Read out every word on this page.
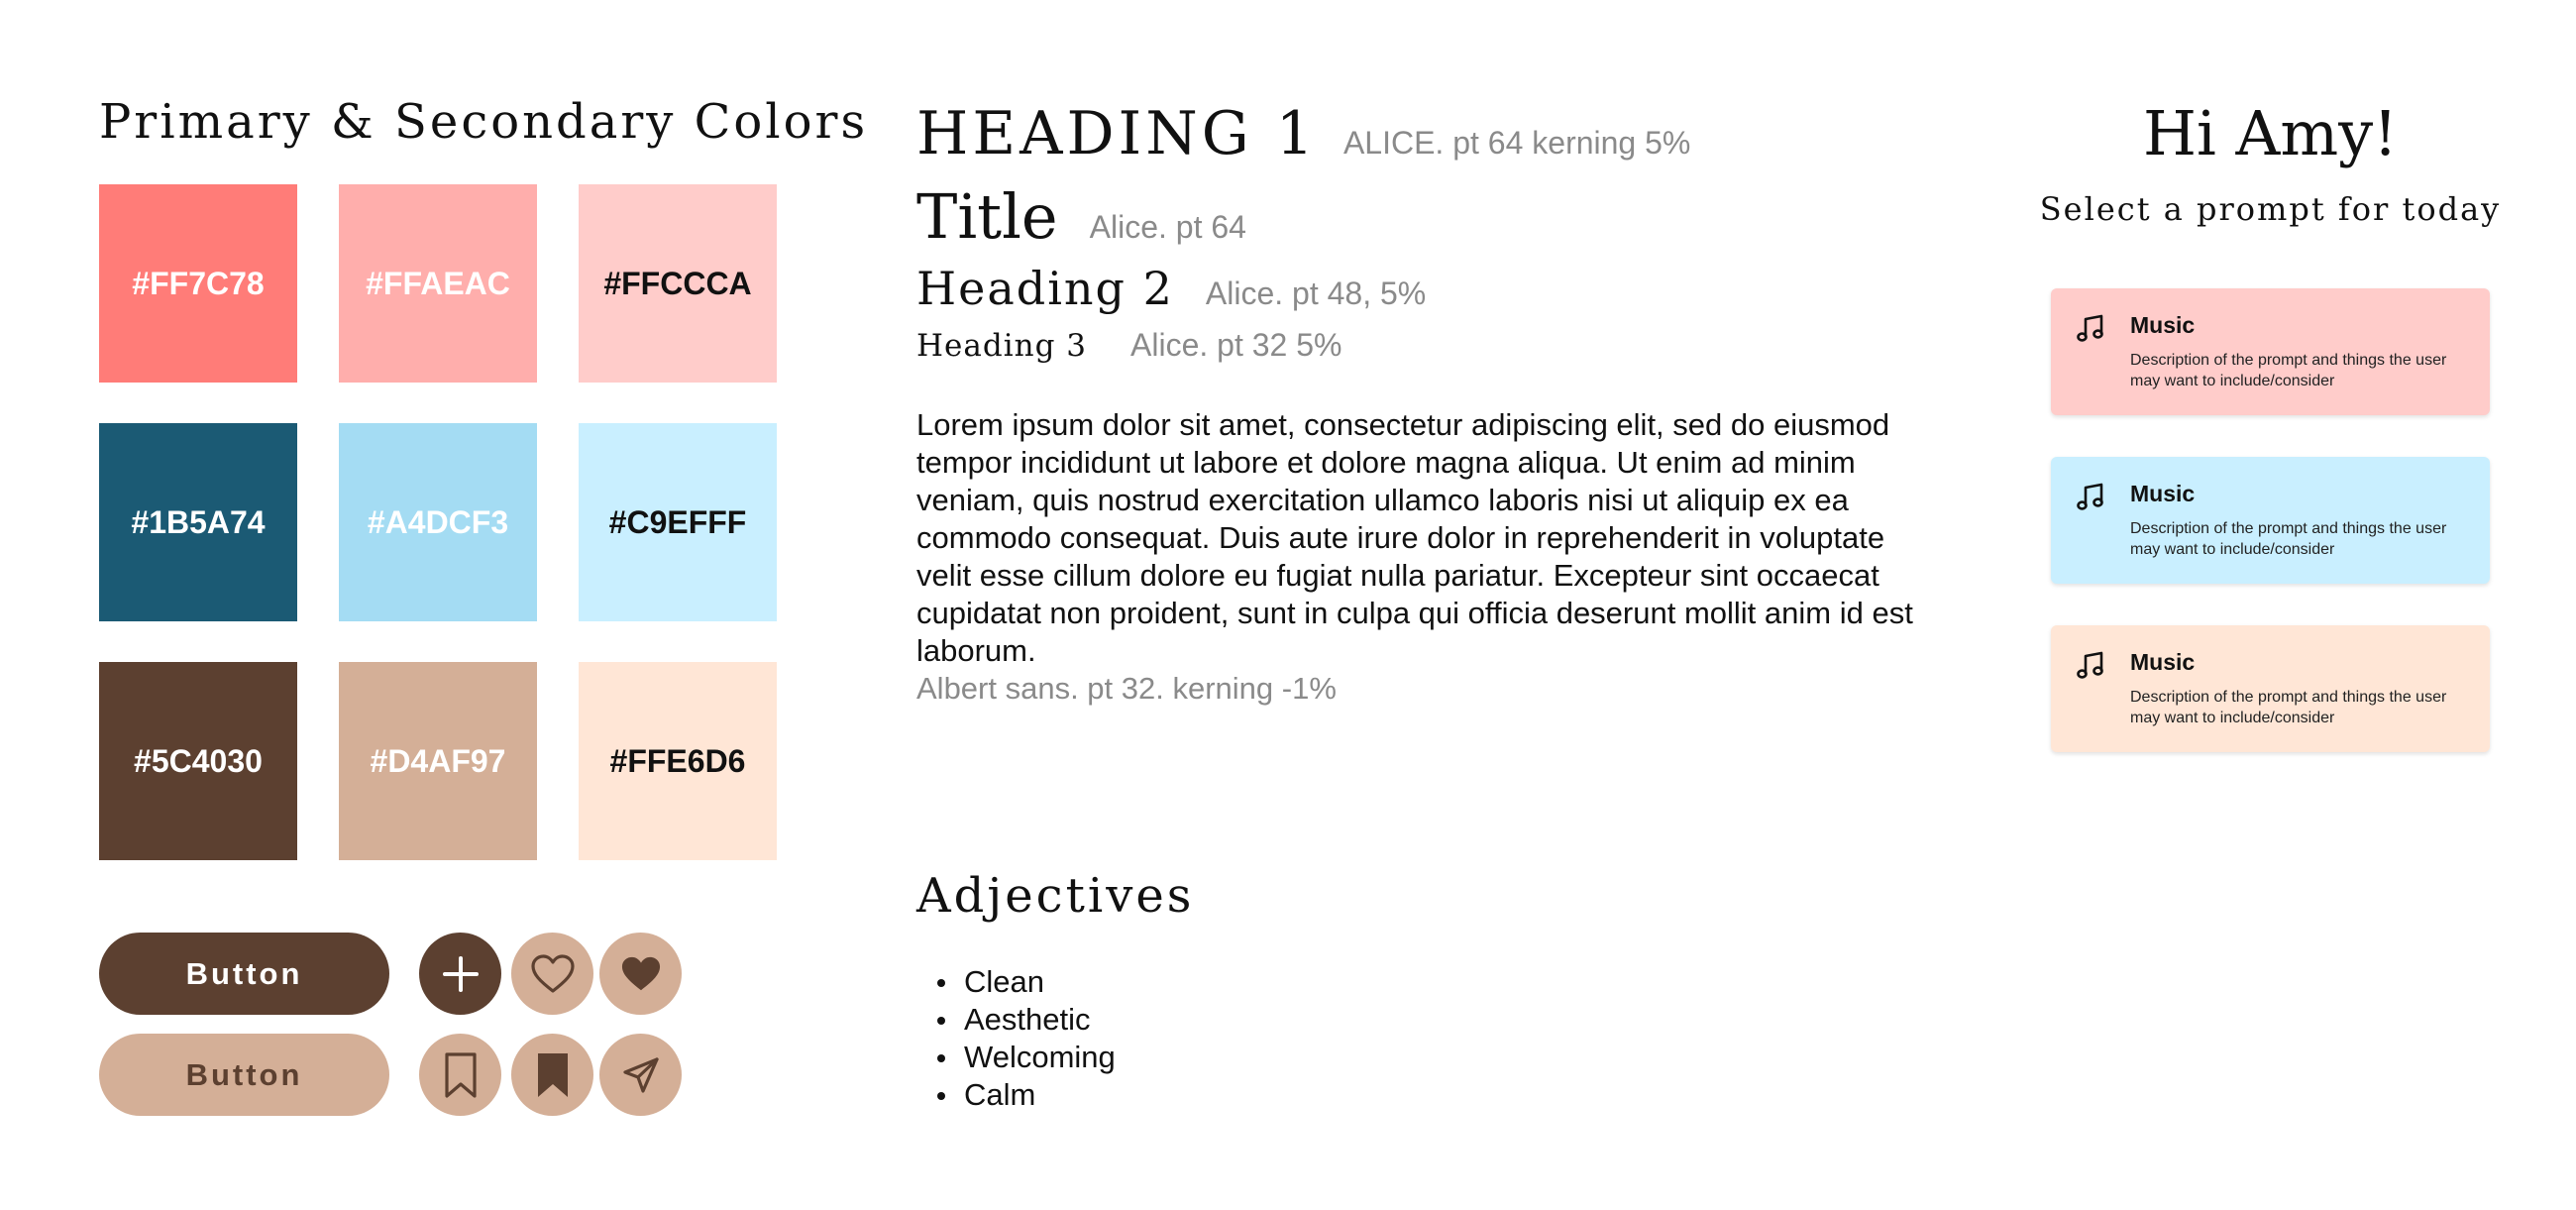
Primary & Secondary Colors
#FF7C78	#FFAEAC	#FFCCCA
#1B5A74	#A4DCF3	#C9EFFF
#5C4030	#D4AF97	#FFE6D6
Button
Button
HEADING 1 ALICE. pt 64 kerning 5%
Title Alice. pt 64
Heading 2 Alice. pt 48, 5%
Heading 3 Alice. pt 32 5%

Lorem ipsum dolor sit amet, consectetur adipiscing elit, sed do eiusmod tempor incididunt ut labore et dolore magna aliqua. Ut enim ad minim veniam, quis nostrud exercitation ullamco laboris nisi ut aliquip ex ea commodo consequat. Duis aute irure dolor in reprehenderit in voluptate velit esse cillum dolore eu fugiat nulla pariatur. Excepteur sint occaecat cupidatat non proident, sunt in culpa qui officia deserunt mollit anim id est laborum.
Albert sans. pt 32. kerning -1%

Adjectives
Clean
Aesthetic
Welcoming
Calm
Hi Amy!

Select a prompt for today

Music
Description of the prompt and things the user may want to include/consider
Music
Description of the prompt and things the user may want to include/consider
Music
Description of the prompt and things the user may want to include/consider
